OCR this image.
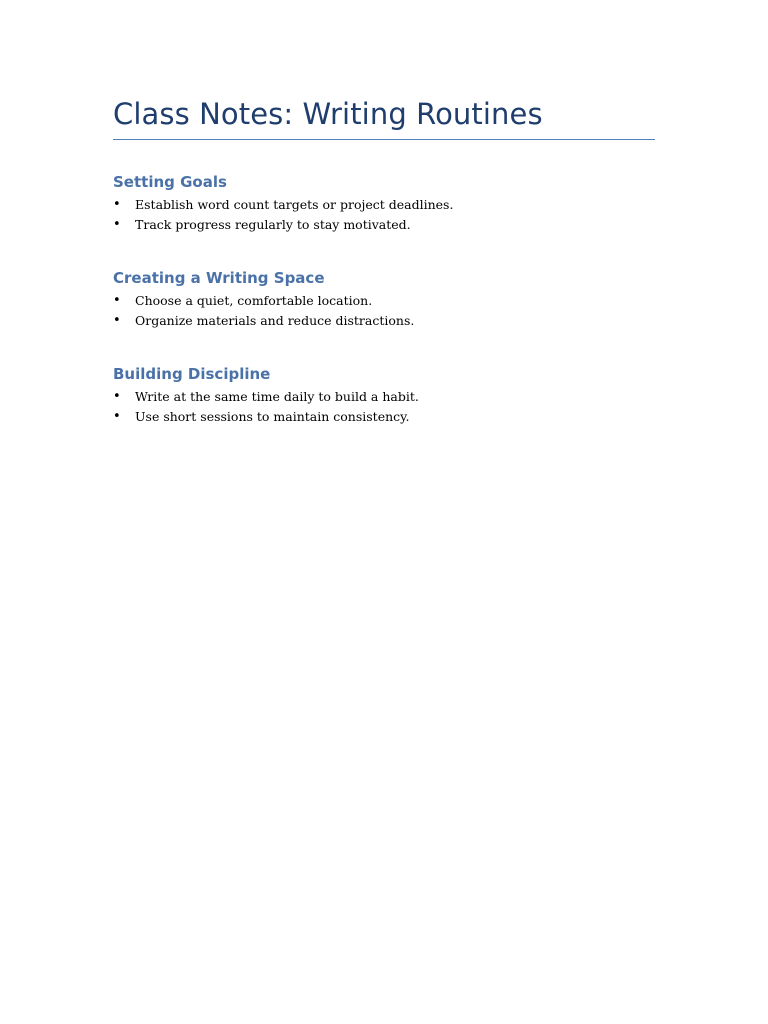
Class Notes: Writing Routines
Setting Goals
• Establish word count targets or project deadlines.
• Track progress regularly to stay motivated.
Creating a Writing Space
• Choose a quiet, comfortable location.
• Organize materials and reduce distractions.
Building Discipline
• Write at the same time daily to build a habit.
• Use short sessions to maintain consistency.
